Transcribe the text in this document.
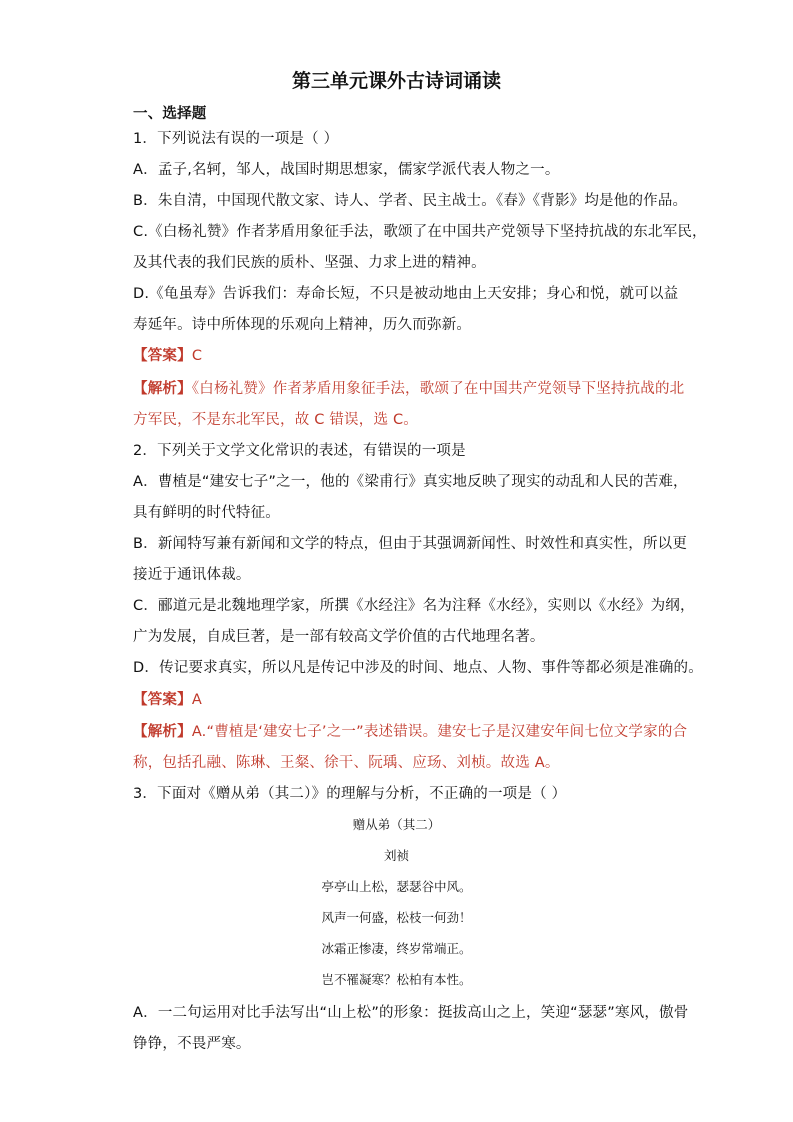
第三单元课外古诗词诵读
一、选择题
1．下列说法有误的一项是（ ）
A．孟子,名轲，邹人，战国时期思想家，儒家学派代表人物之一。
B．朱自清，中国现代散文家、诗人、学者、民主战士。《春》《背影》均是他的作品。
C.《白杨礼赞》作者茅盾用象征手法，歌颂了在中国共产党领导下坚持抗战的东北军民，
及其代表的我们民族的质朴、坚强、力求上进的精神。
D.《龟虽寿》告诉我们：寿命长短，不只是被动地由上天安排；身心和悦，就可以益
寿延年。诗中所体现的乐观向上精神，历久而弥新。
【答案】C
【解析】《白杨礼赞》作者茅盾用象征手法，歌颂了在中国共产党领导下坚持抗战的北
方军民，不是东北军民，故 C 错误，选 C。
2．下列关于文学文化常识的表述，有错误的一项是
A．曹植是“建安七子”之一，他的《梁甫行》真实地反映了现实的动乱和人民的苦难，
具有鲜明的时代特征。
B．新闻特写兼有新闻和文学的特点，但由于其强调新闻性、时效性和真实性，所以更
接近于通讯体裁。
C．郦道元是北魏地理学家，所撰《水经注》名为注释《水经》，实则以《水经》为纲，
广为发展，自成巨著，是一部有较高文学价值的古代地理名著。
D．传记要求真实，所以凡是传记中涉及的时间、地点、人物、事件等都必须是准确的。
【答案】A
【解析】A.“曹植是‘建安七子’之一”表述错误。建安七子是汉建安年间七位文学家的合
称，包括孔融、陈琳、王粲、徐干、阮瑀、应玚、刘桢。故选 A。
3．下面对《赠从弟（其二）》的理解与分析，不正确的一项是（ ）
赠从弟（其二）
刘祯
亭亭山上松，瑟瑟谷中风。
风声一何盛，松枝一何劲！
冰霜正惨凄，终岁常端正。
岂不罹凝寒？松柏有本性。
A．一二句运用对比手法写出“山上松”的形象：挺拔高山之上，笑迎“瑟瑟”寒风，傲骨
铮铮，不畏严寒。
